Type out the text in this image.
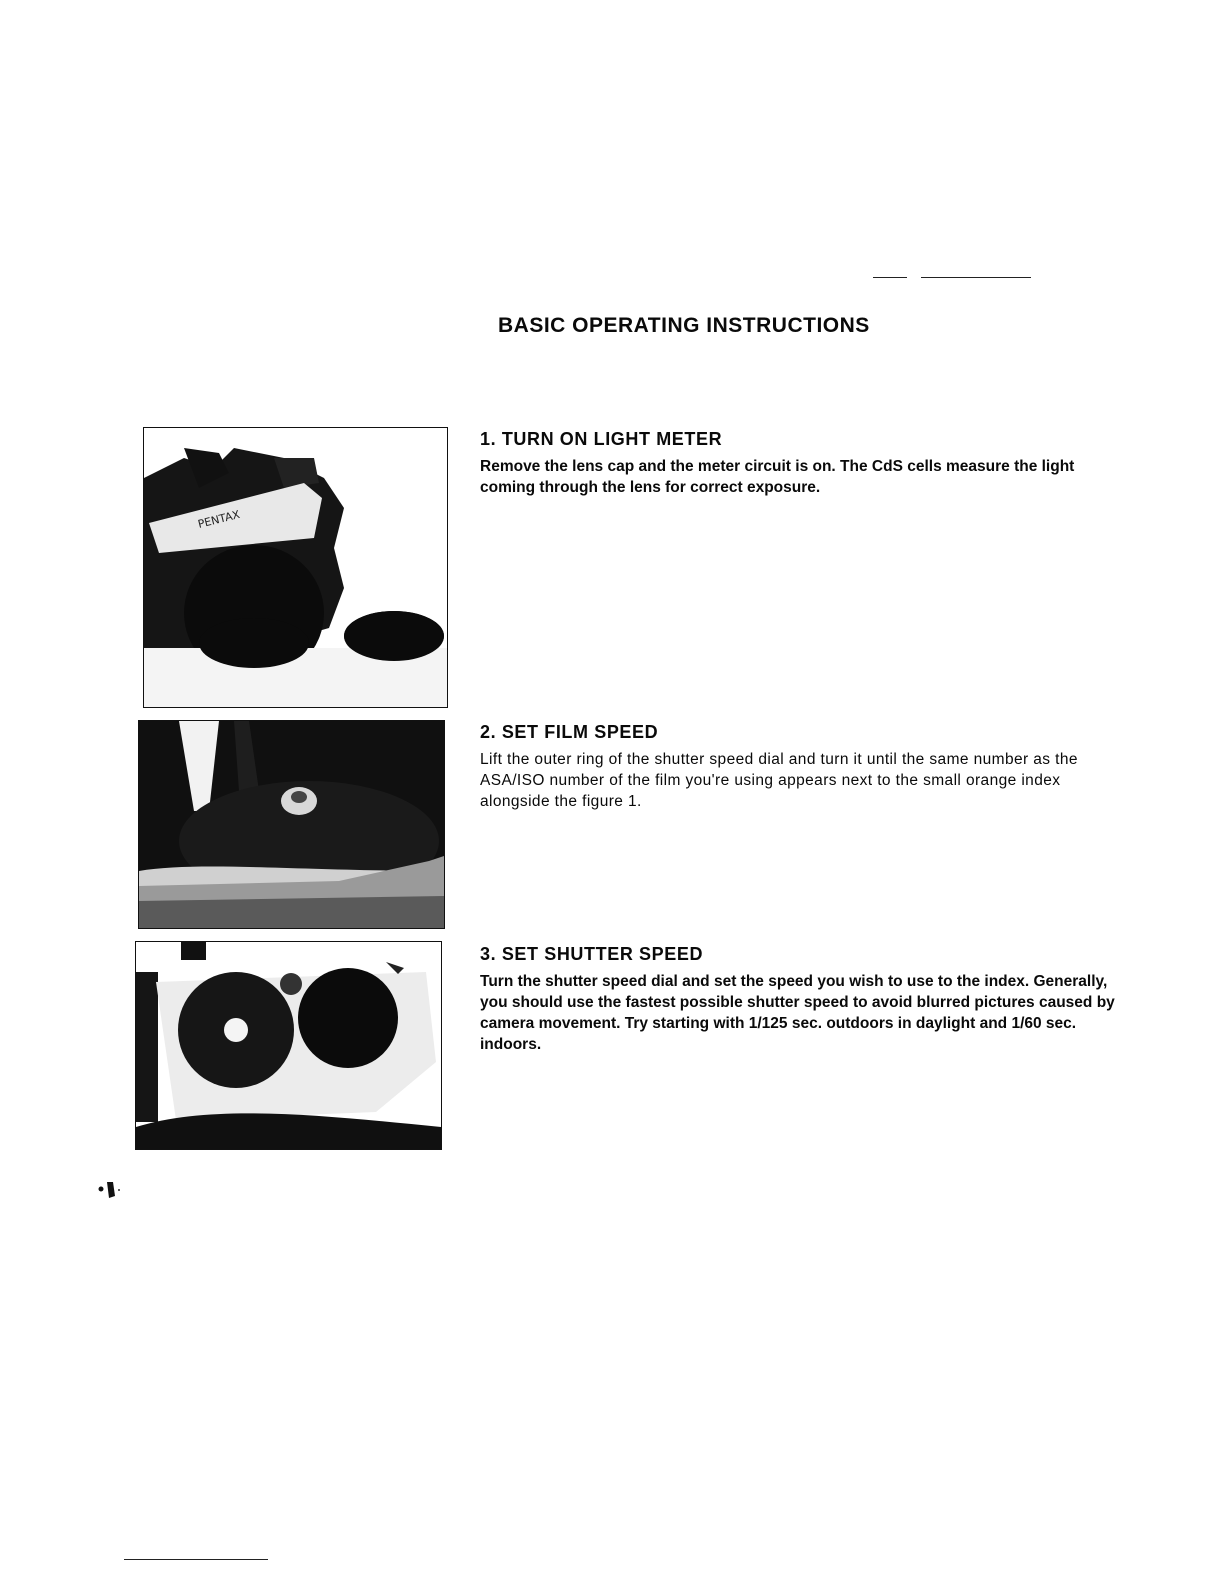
BASIC OPERATING INSTRUCTIONS
PENTAX
1. TURN ON LIGHT METER

Remove the lens cap and the meter circuit is on. The CdS cells measure the light coming through the lens for correct exposure.

2. SET FILM SPEED

Lift the outer ring of the shutter speed dial and turn it until the same number as the ASA/ISO number of the film you're using appears next to the small orange index alongside the figure 1.

3. SET SHUTTER SPEED

Turn the shutter speed dial and set the speed you wish to use to the index. Generally, you should use the fastest possible shutter speed to avoid blurred pictures caused by camera movement. Try starting with 1/125 sec. outdoors in daylight and 1/60 sec. indoors.
